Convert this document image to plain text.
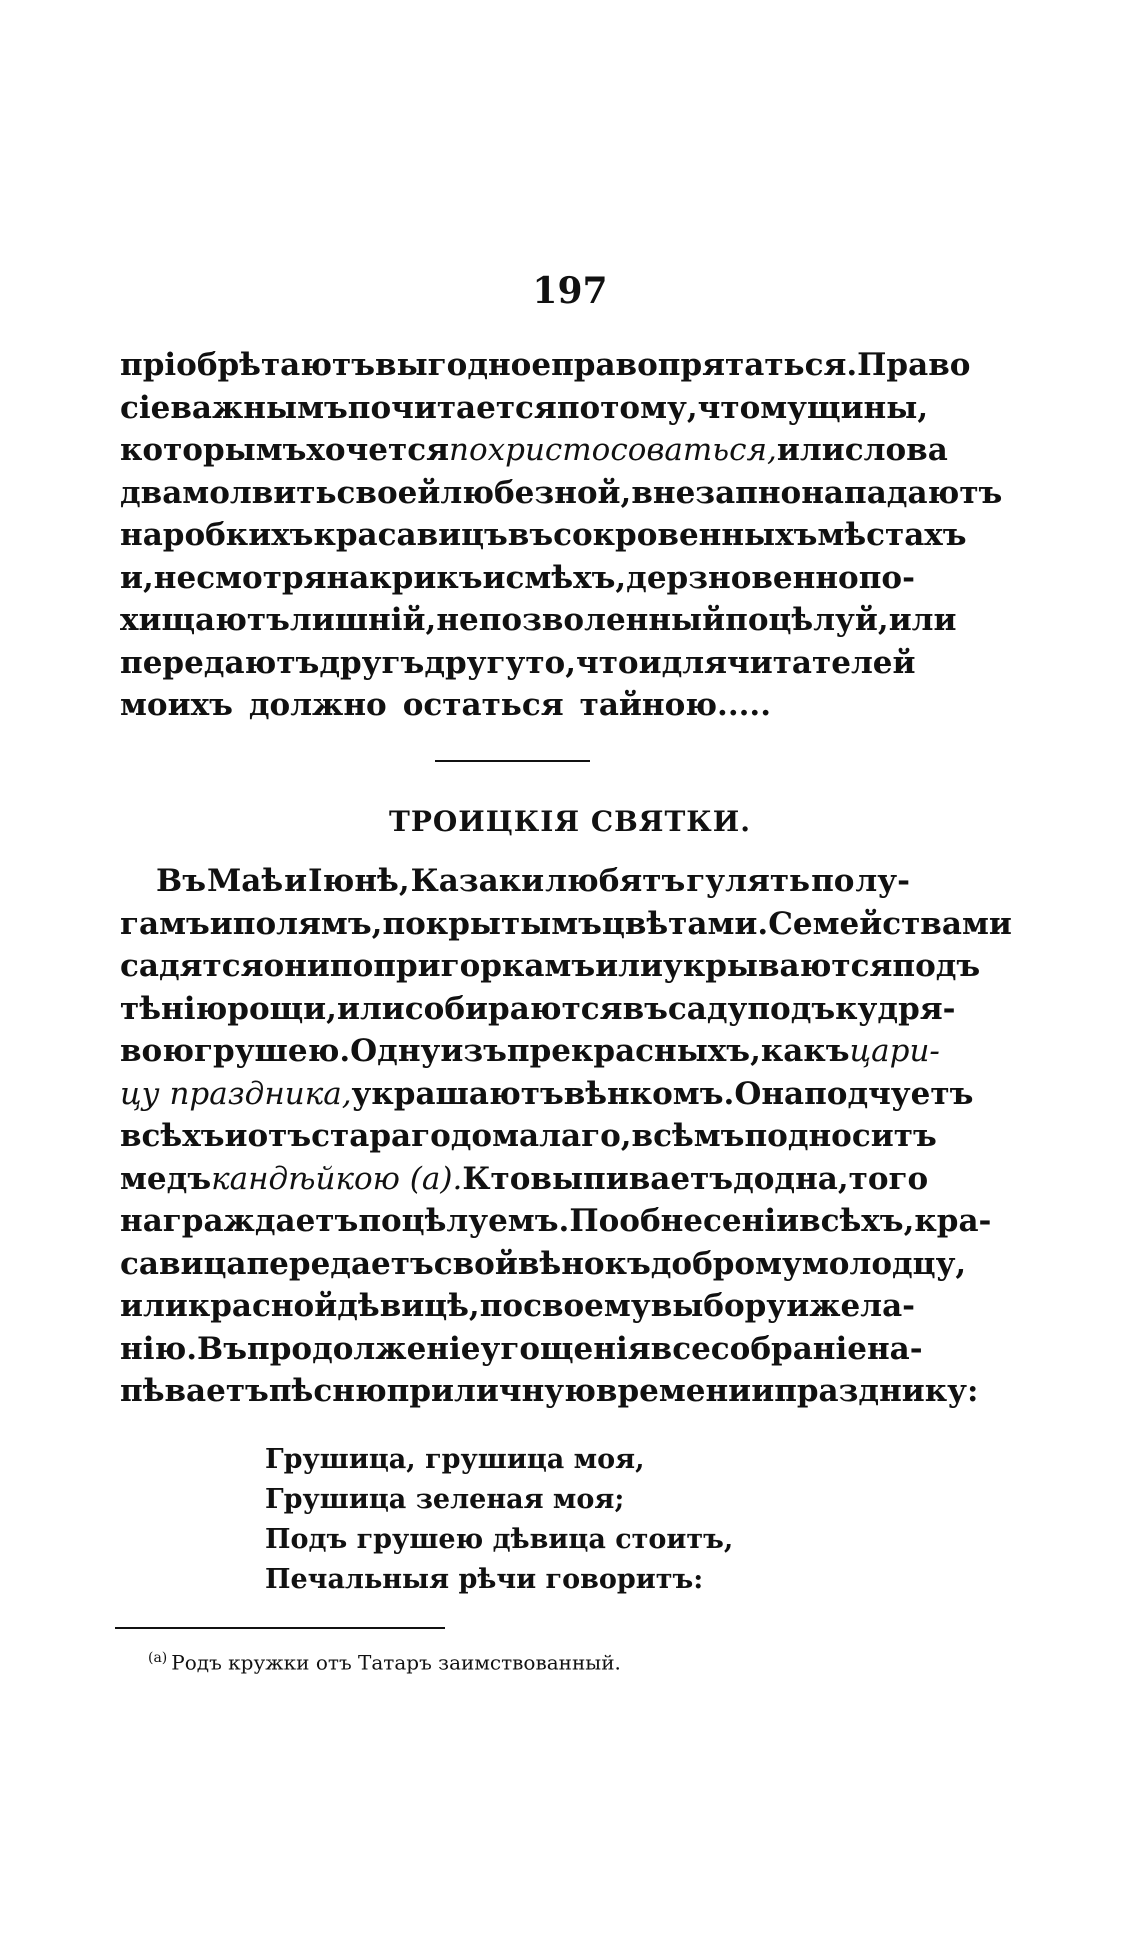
197
пріобрѣтаютъ выгодное право прятаться. Право
сіе важнымъ почитается потому, что мущины,
которымъ хочется похристосоваться, или слова
два молвить своей любезной, внезапно нападаютъ
на робкихъ красавицъ въ сокровенныхъ мѣстахъ
и, не смотря на крикъ и смѣхъ, дерзновенно по-
хищаютъ лишній, непозволенный поцѣлуй, или
передаютъ другъ другу то, что и для читателей
моихъ должно остаться тайною.....
ТРОИЦКІЯ СВЯТКИ.
Въ Маѣ и Іюнѣ, Казаки любятъ гулять по лу-
гамъ и полямъ, покрытымъ цвѣтами. Семействами
садятся они по пригоркамъ или укрываются подъ
тѣнію рощи, или собираются въ саду подъ кудря-
вою грушею. Одну изъ прекрасныхъ, какъ цари-
цу праздника, украшаютъ вѣнкомъ. Она подчуетъ
всѣхъ и отъ стараго до малаго, всѣмъ подноситъ
медъ кандѣйкою (а). Кто выпиваетъ до дна, того
награждаетъ поцѣлуемъ. По обнесеніи всѣхъ, кра-
савица передаетъ свой вѣнокъ доброму молодцу,
или красной дѣвицѣ, по своему выбору и жела-
нію. Въ продолженіе угощенія все собраніе на-
пѣваетъ пѣсню приличную времени и празднику:
Грушица, грушица моя,
Грушица зеленая моя;
Подъ грушею дѣвица стоитъ,
Печальныя рѣчи говоритъ:
$^{(а)}$ Родъ кружки отъ Татаръ заимствованный.
